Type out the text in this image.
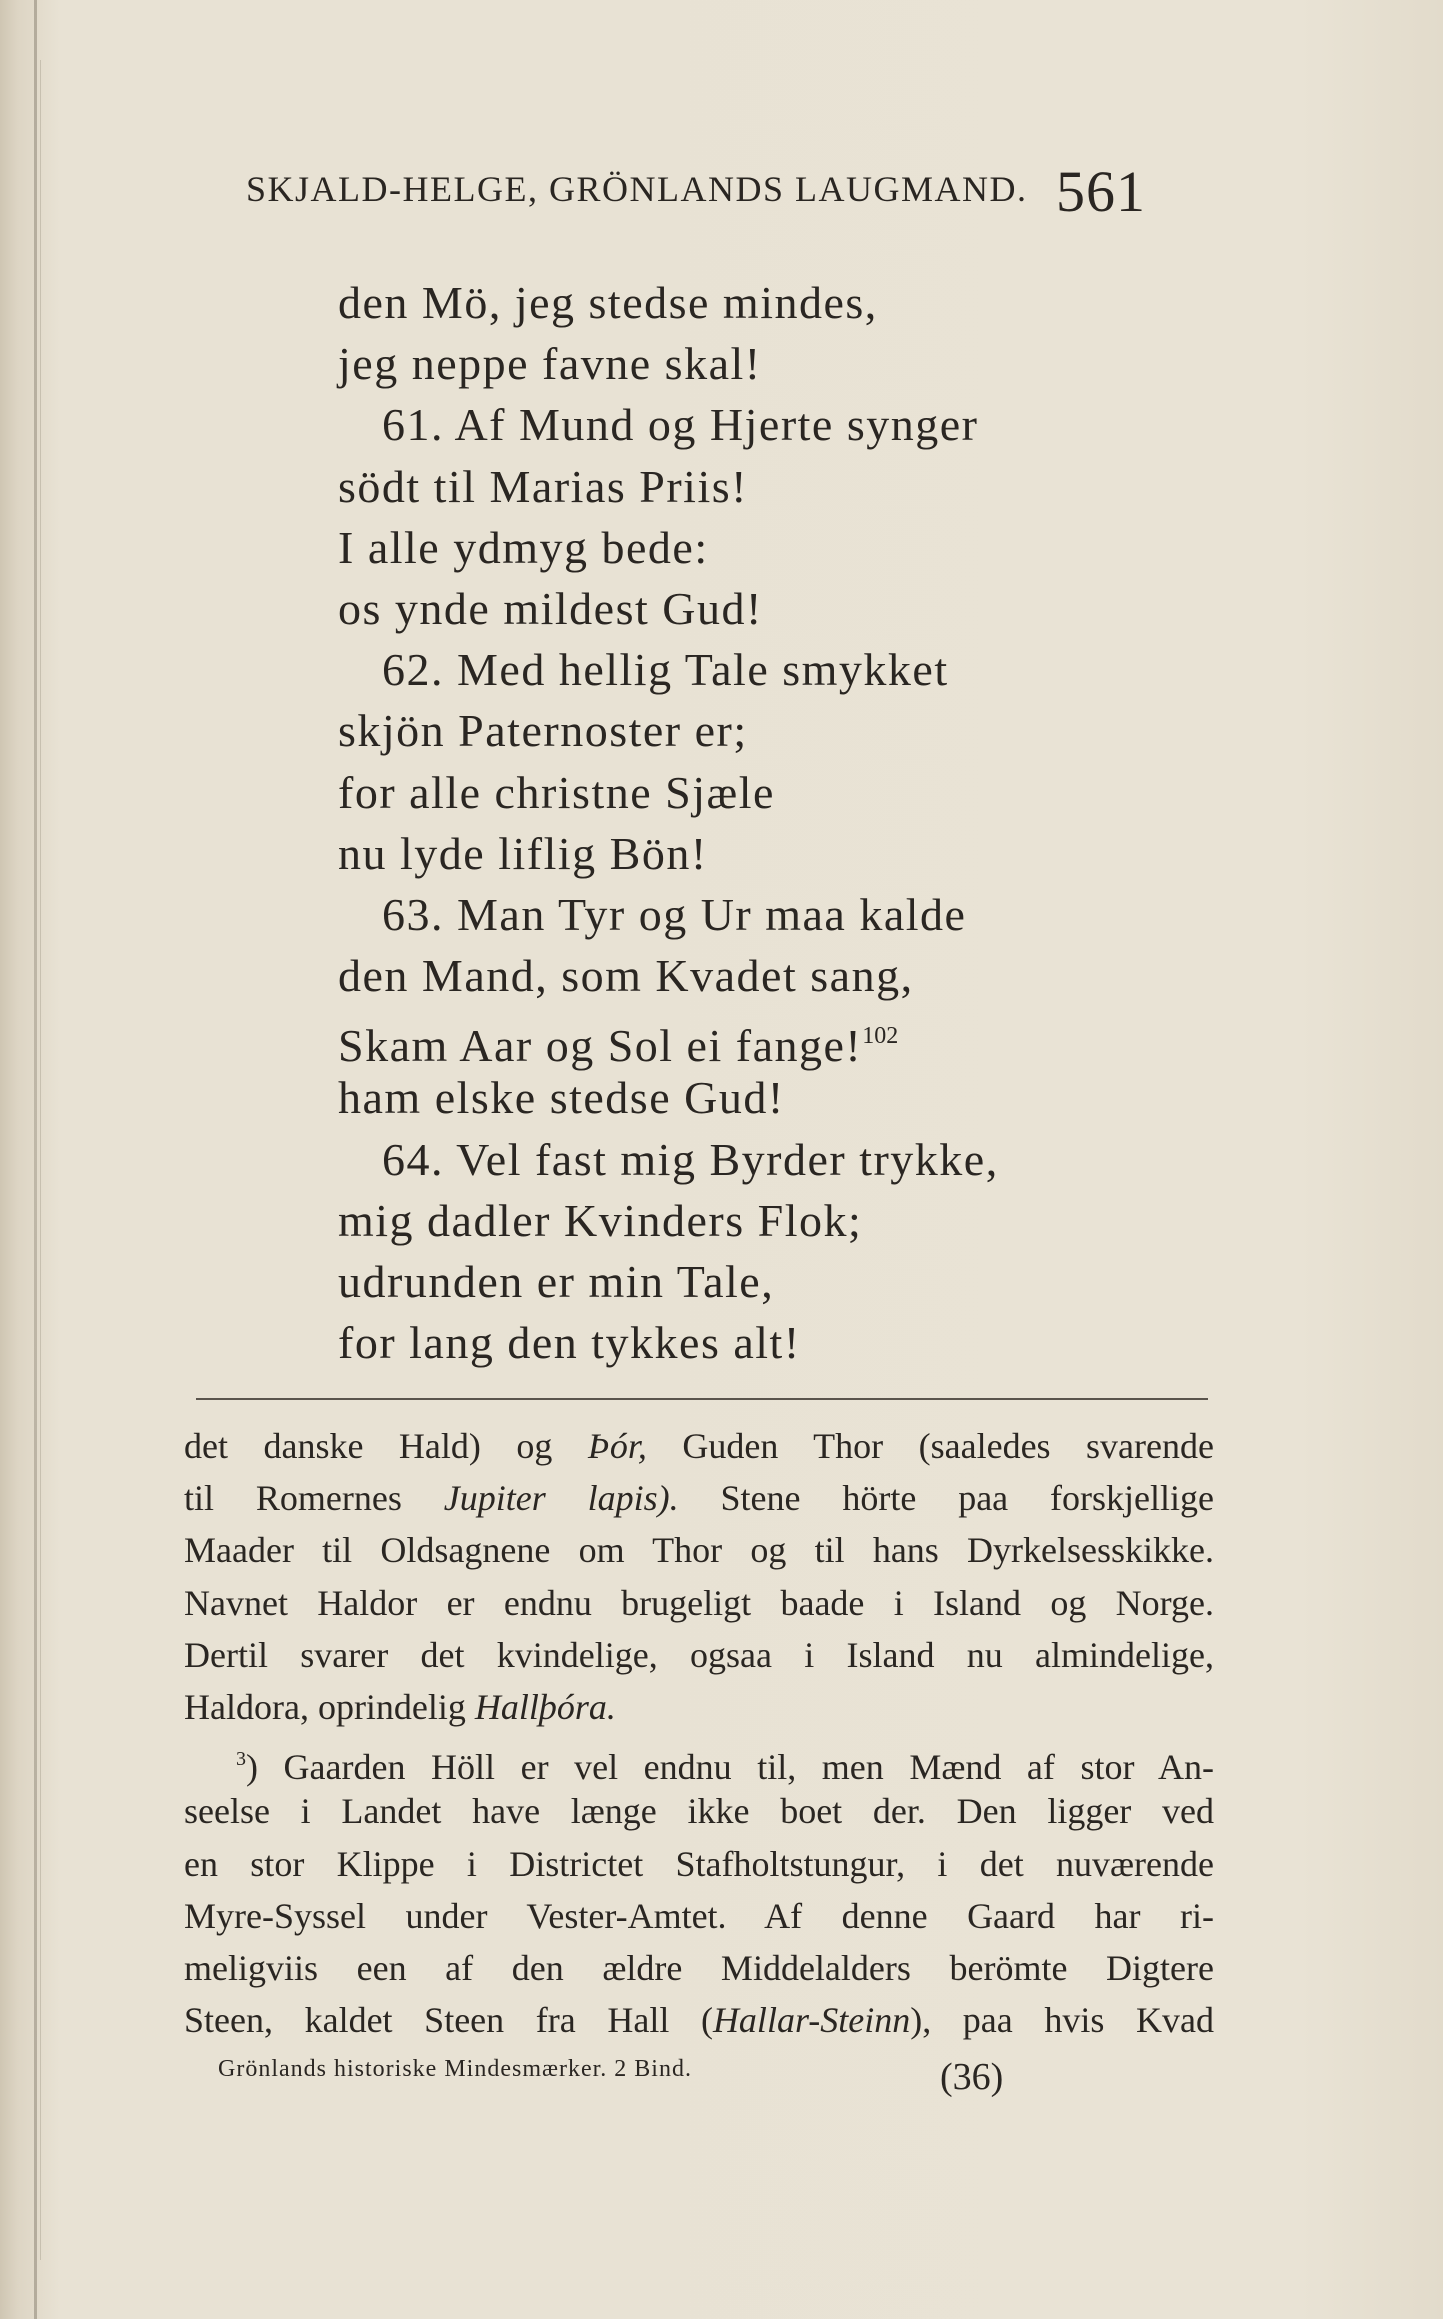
SKJALD-HELGE, GRÖNLANDS LAUGMAND. 561
den Mö, jeg stedse mindes,
jeg neppe favne skal!
61. Af Mund og Hjerte synger
södt til Marias Priis!
I alle ydmyg bede:
os ynde mildest Gud!
62. Med hellig Tale smykket
skjön Paternoster er;
for alle christne Sjæle
nu lyde liflig Bön!
63. Man Tyr og Ur maa kalde
den Mand, som Kvadet sang,
Skam Aar og Sol ei fange!$^{102}$
ham elske stedse Gud!
64. Vel fast mig Byrder trykke,
mig dadler Kvinders Flok;
udrunden er min Tale,
for lang den tykkes alt!
det danske Hald) og Þór, Guden Thor (saaledes svarende
til Romernes Jupiter lapis). Stene hörte paa forskjellige
Maader til Oldsagnene om Thor og til hans Dyrkelsesskikke.
Navnet Haldor er endnu brugeligt baade i Island og Norge.
Dertil svarer det kvindelige, ogsaa i Island nu almindelige,
Haldora, oprindelig Hallþóra.
$^3$) Gaarden Höll er vel endnu til, men Mænd af stor An-
seelse i Landet have længe ikke boet der. Den ligger ved
en stor Klippe i Districtet Stafholtstungur, i det nuværende
Myre-Syssel under Vester-Amtet. Af denne Gaard har ri-
meligviis een af den ældre Middelalders berömte Digtere
Steen, kaldet Steen fra Hall (Hallar-Steinn), paa hvis Kvad
Grönlands historiske Mindesmærker. 2 Bind.	(36)
